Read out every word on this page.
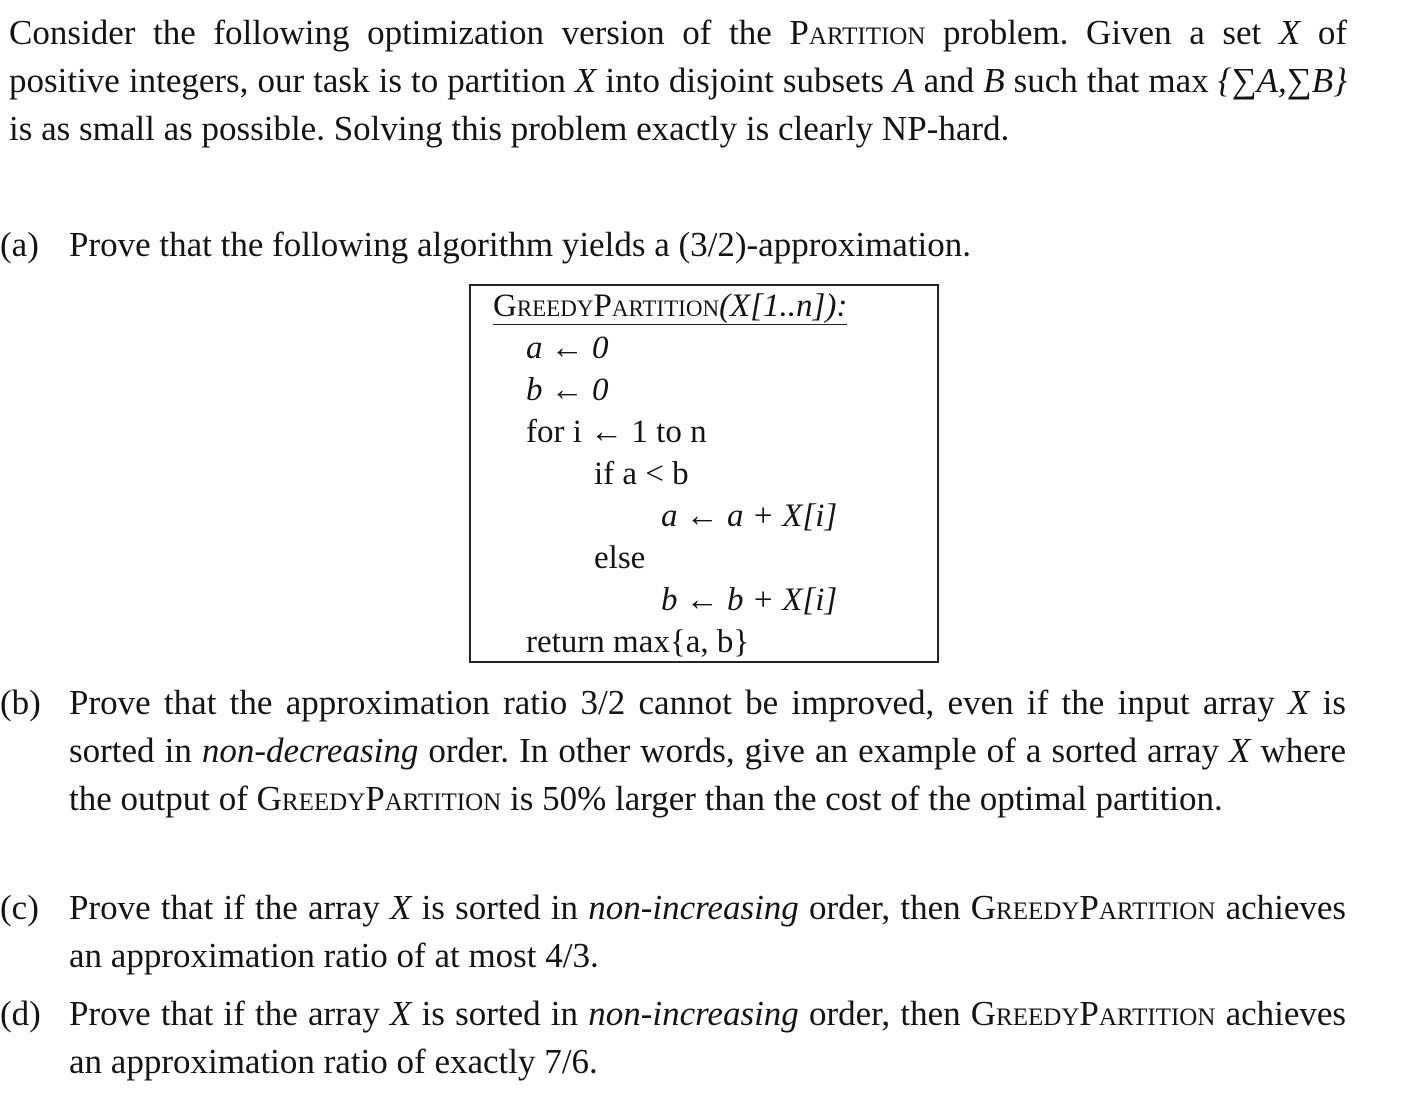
Consider the following optimization version of the Partition problem. Given a set X of positive integers, our task is to partition X into disjoint subsets A and B such that max {∑A,∑B} is as small as possible. Solving this problem exactly is clearly NP-hard.
(a) Prove that the following algorithm yields a (3/2)-approximation.
GreedyPartition(X[1..n]):
a ← 0
b ← 0
for i ← 1 to n
if a < b
a ← a + X[i]
else
b ← b + X[i]
return max{a, b}
(b) Prove that the approximation ratio 3/2 cannot be improved, even if the input array X is sorted in non-decreasing order. In other words, give an example of a sorted array X where the output of GreedyPartition is 50% larger than the cost of the optimal partition.
(c) Prove that if the array X is sorted in non-increasing order, then GreedyPartition achieves an approximation ratio of at most 4/3.
(d) Prove that if the array X is sorted in non-increasing order, then GreedyPartition achieves an approximation ratio of exactly 7/6.
